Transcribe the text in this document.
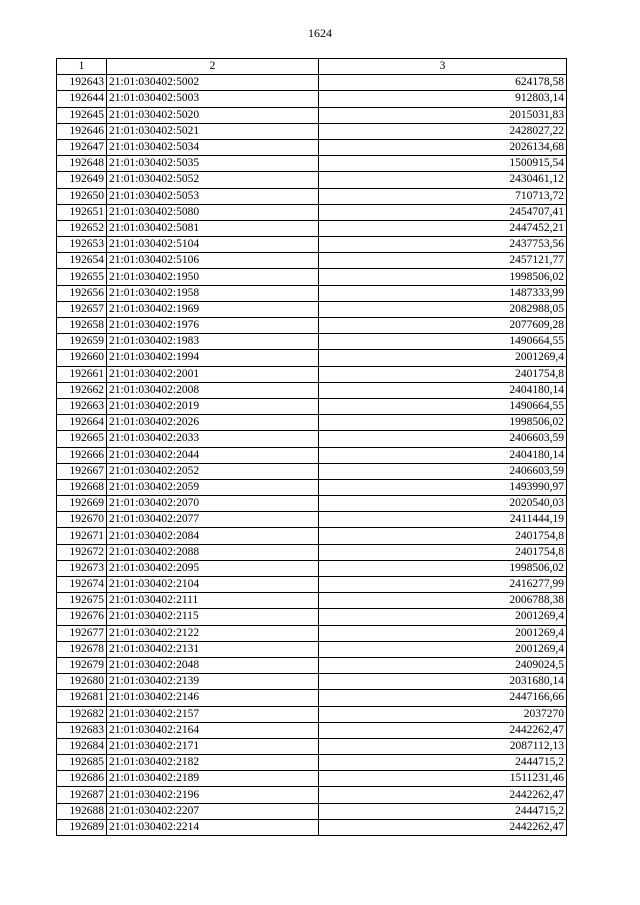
1624
1	2	3
192643	21:01:030402:5002	624178,58
192644	21:01:030402:5003	912803,14
192645	21:01:030402:5020	2015031,83
192646	21:01:030402:5021	2428027,22
192647	21:01:030402:5034	2026134,68
192648	21:01:030402:5035	1500915,54
192649	21:01:030402:5052	2430461,12
192650	21:01:030402:5053	710713,72
192651	21:01:030402:5080	2454707,41
192652	21:01:030402:5081	2447452,21
192653	21:01:030402:5104	2437753,56
192654	21:01:030402:5106	2457121,77
192655	21:01:030402:1950	1998506,02
192656	21:01:030402:1958	1487333,99
192657	21:01:030402:1969	2082988,05
192658	21:01:030402:1976	2077609,28
192659	21:01:030402:1983	1490664,55
192660	21:01:030402:1994	2001269,4
192661	21:01:030402:2001	2401754,8
192662	21:01:030402:2008	2404180,14
192663	21:01:030402:2019	1490664,55
192664	21:01:030402:2026	1998506,02
192665	21:01:030402:2033	2406603,59
192666	21:01:030402:2044	2404180,14
192667	21:01:030402:2052	2406603,59
192668	21:01:030402:2059	1493990,97
192669	21:01:030402:2070	2020540,03
192670	21:01:030402:2077	2411444,19
192671	21:01:030402:2084	2401754,8
192672	21:01:030402:2088	2401754,8
192673	21:01:030402:2095	1998506,02
192674	21:01:030402:2104	2416277,99
192675	21:01:030402:2111	2006788,38
192676	21:01:030402:2115	2001269,4
192677	21:01:030402:2122	2001269,4
192678	21:01:030402:2131	2001269,4
192679	21:01:030402:2048	2409024,5
192680	21:01:030402:2139	2031680,14
192681	21:01:030402:2146	2447166,66
192682	21:01:030402:2157	2037270
192683	21:01:030402:2164	2442262,47
192684	21:01:030402:2171	2087112,13
192685	21:01:030402:2182	2444715,2
192686	21:01:030402:2189	1511231,46
192687	21:01:030402:2196	2442262,47
192688	21:01:030402:2207	2444715,2
192689	21:01:030402:2214	2442262,47
